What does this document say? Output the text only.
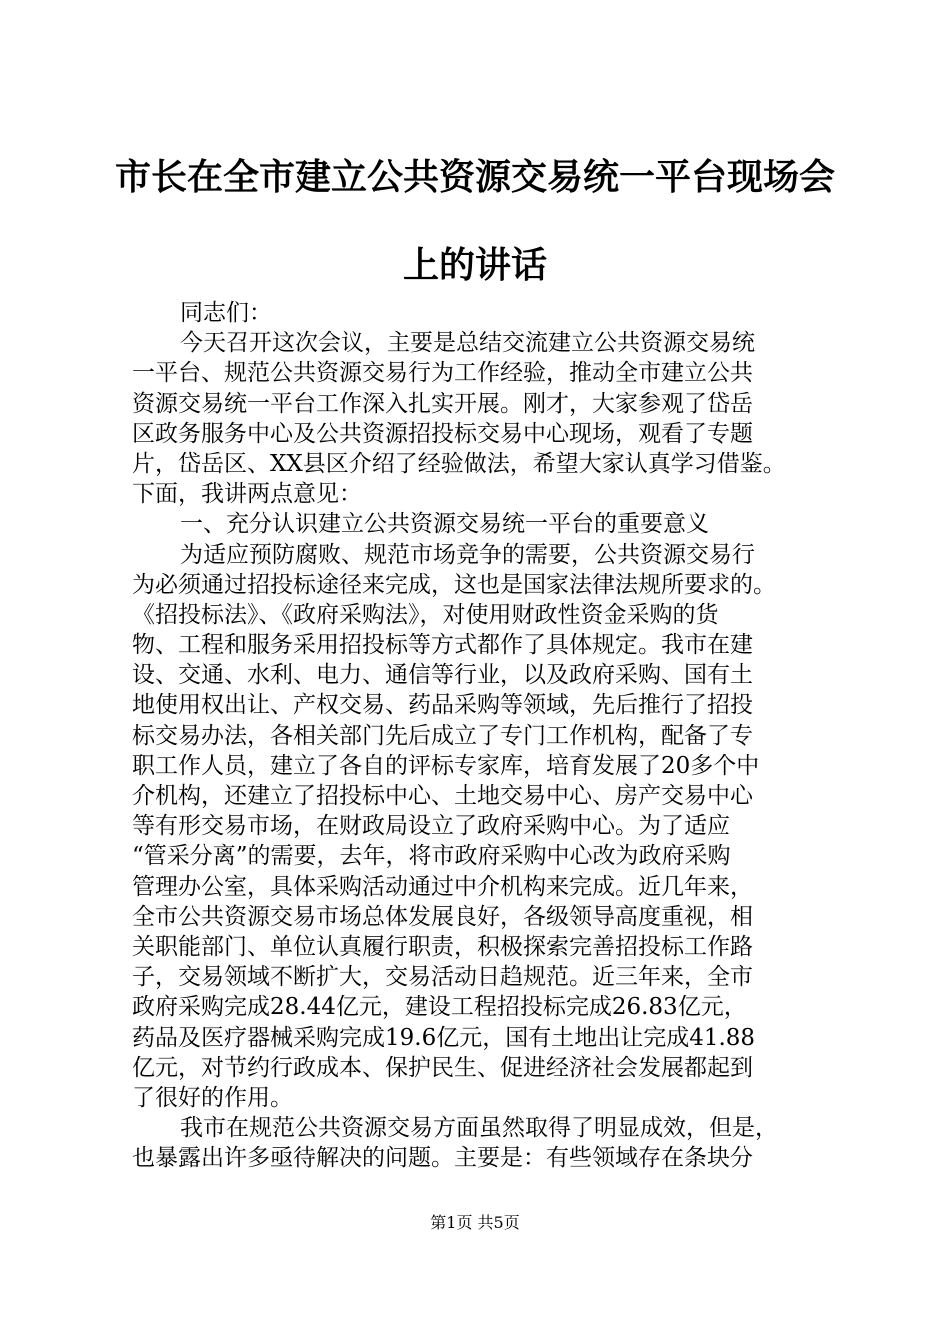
市长在全市建立公共资源交易统一平台现场会
上的讲话
同志们：
今天召开这次会议，主要是总结交流建立公共资源交易统
一平台、规范公共资源交易行为工作经验，推动全市建立公共
资源交易统一平台工作深入扎实开展。刚才，大家参观了岱岳
区政务服务中心及公共资源招投标交易中心现场，观看了专题
片，岱岳区、XX县区介绍了经验做法，希望大家认真学习借鉴。
下面，我讲两点意见：
一、充分认识建立公共资源交易统一平台的重要意义
为适应预防腐败、规范市场竞争的需要，公共资源交易行
为必须通过招投标途径来完成，这也是国家法律法规所要求的。
《招投标法》、《政府采购法》，对使用财政性资金采购的货
物、工程和服务采用招投标等方式都作了具体规定。我市在建
设、交通、水利、电力、通信等行业，以及政府采购、国有土
地使用权出让、产权交易、药品采购等领域，先后推行了招投
标交易办法，各相关部门先后成立了专门工作机构，配备了专
职工作人员，建立了各自的评标专家库，培育发展了20多个中
介机构，还建立了招投标中心、土地交易中心、房产交易中心
等有形交易市场，在财政局设立了政府采购中心。为了适应
“管采分离”的需要，去年，将市政府采购中心改为政府采购
管理办公室，具体采购活动通过中介机构来完成。近几年来，
全市公共资源交易市场总体发展良好，各级领导高度重视，相
关职能部门、单位认真履行职责，积极探索完善招投标工作路
子，交易领域不断扩大，交易活动日趋规范。近三年来，全市
政府采购完成28.44亿元，建设工程招投标完成26.83亿元，
药品及医疗器械采购完成19.6亿元，国有土地出让完成41.88
亿元，对节约行政成本、保护民生、促进经济社会发展都起到
了很好的作用。
我市在规范公共资源交易方面虽然取得了明显成效，但是，
也暴露出许多亟待解决的问题。主要是：有些领域存在条块分
第1页 共5页
